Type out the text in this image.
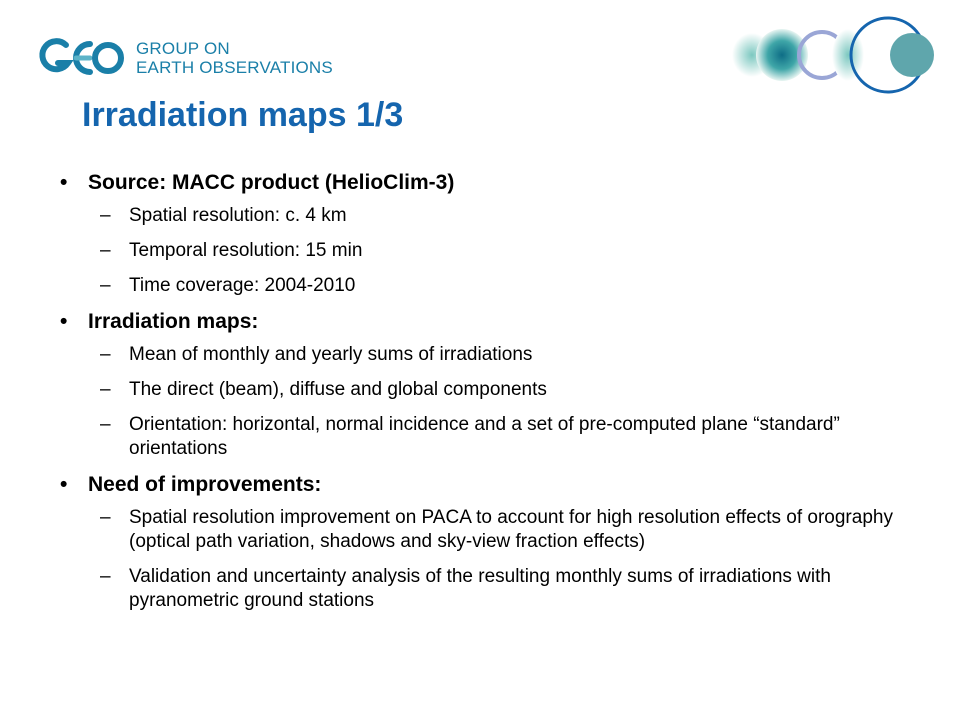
GROUP ON
EARTH OBSERVATIONS
Irradiation maps 1/3
• Source: MACC product (HelioClim-3)
– Spatial resolution: c. 4 km
– Temporal resolution: 15 min
– Time coverage: 2004-2010
• Irradiation maps:
– Mean of monthly and yearly sums of irradiations
– The direct (beam), diffuse and global components
– Orientation: horizontal, normal incidence and a set of pre-computed plane “standard” orientations
• Need of improvements:
– Spatial resolution improvement on PACA to account for high resolution effects of orography (optical path variation, shadows and sky-view fraction effects)
– Validation and uncertainty analysis of the resulting monthly sums of irradiations with pyranometric ground stations
